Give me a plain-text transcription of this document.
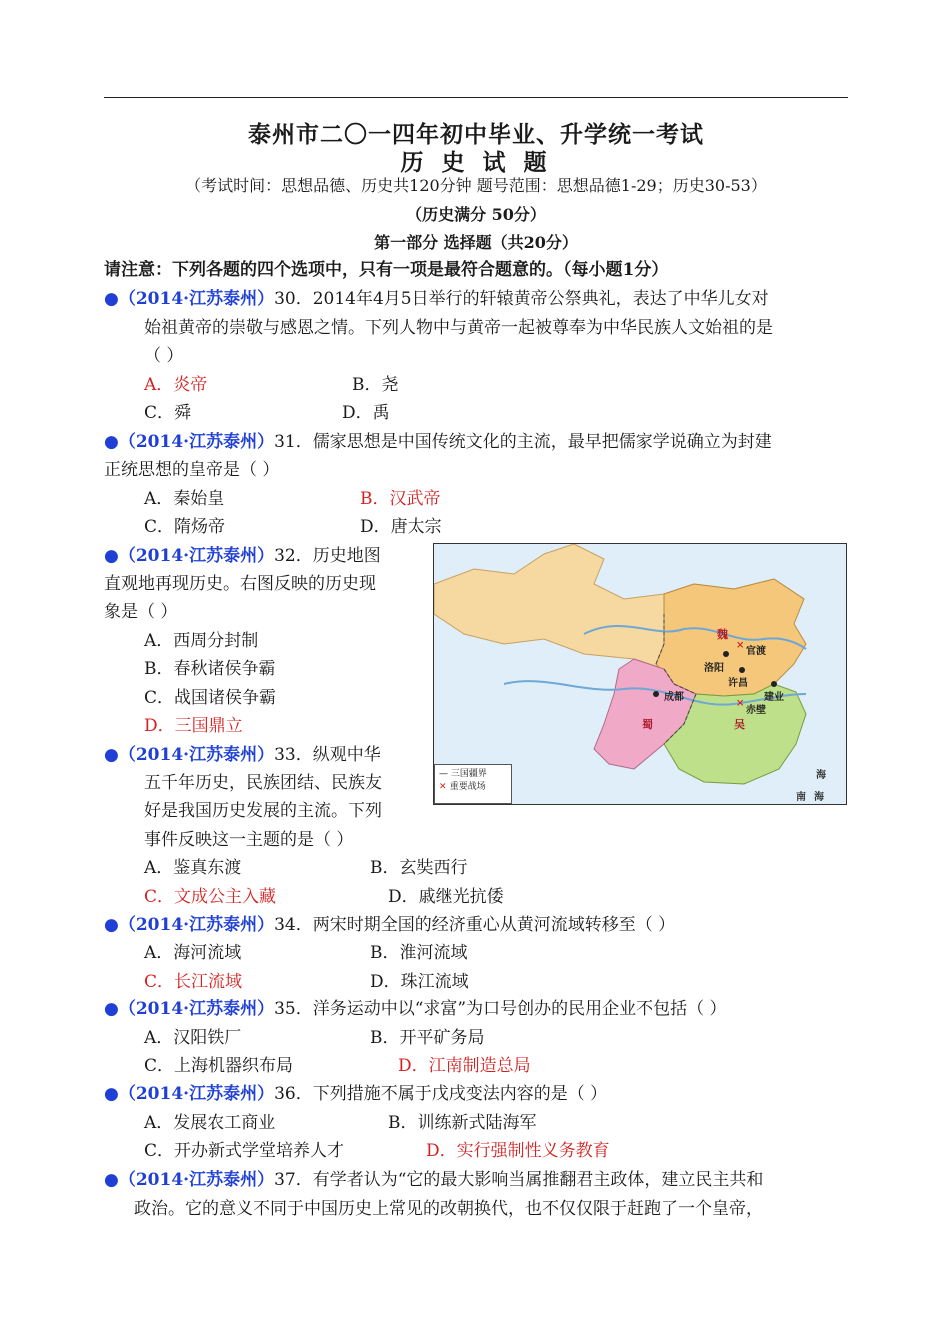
泰州市二〇一四年初中毕业、升学统一考试
历 史 试 题
（考试时间：思想品德、历史共120分钟 题号范围：思想品德1-29；历史30-53）
（历史满分 50分）
第一部分 选择题（共20分）
请注意：下列各题的四个选项中，只有一项是最符合题意的。（每小题1分）
●（2014·江苏泰州）30．2014年4月5日举行的轩辕黄帝公祭典礼，表达了中华儿女对
始祖黄帝的崇敬与感恩之情。下列人物中与黄帝一起被尊奉为中华民族人文始祖的是
（ ）
A．炎帝	B．尧
C．舜	D．禹
●（2014·江苏泰州）31．儒家思想是中国传统文化的主流，最早把儒家学说确立为封建
正统思想的皇帝是（ ）
A．秦始皇	B．汉武帝
C．隋炀帝	D．唐太宗
●（2014·江苏泰州）32．历史地图
直观地再现历史。右图反映的历史现
象是（ ）
A．西周分封制
B．春秋诸侯争霸
C．战国诸侯争霸
D．三国鼎立
●（2014·江苏泰州）33．纵观中华
五千年历史，民族团结、民族友
好是我国历史发展的主流。下列
事件反映这一主题的是（ ）
A．鉴真东渡	B．玄奘西行
C．文成公主入藏	D．戚继光抗倭
●（2014·江苏泰州）34．两宋时期全国的经济重心从黄河流域转移至（ ）
A．海河流域	B．淮河流域
C．长江流域	D．珠江流域
●（2014·江苏泰州）35．洋务运动中以“求富”为口号创办的民用企业不包括（ ）
A．汉阳铁厂	B．开平矿务局
C．上海机器织布局	D．江南制造总局
●（2014·江苏泰州）36．下列措施不属于戊戌变法内容的是（ ）
A．发展农工商业	B．训练新式陆海军
C．开办新式学堂培养人才	D．实行强制性义务教育
●（2014·江苏泰州）37．有学者认为“它的最大影响当属推翻君主政体，建立民主共和
政治。它的意义不同于中国历史上常见的改朝换代，也不仅仅限于赶跑了一个皇帝，
×
×
魏
蜀	吴
洛阳
许昌
官渡
成都	建业
赤壁
海
南 海
— 三国疆界
✕ 重要战场
